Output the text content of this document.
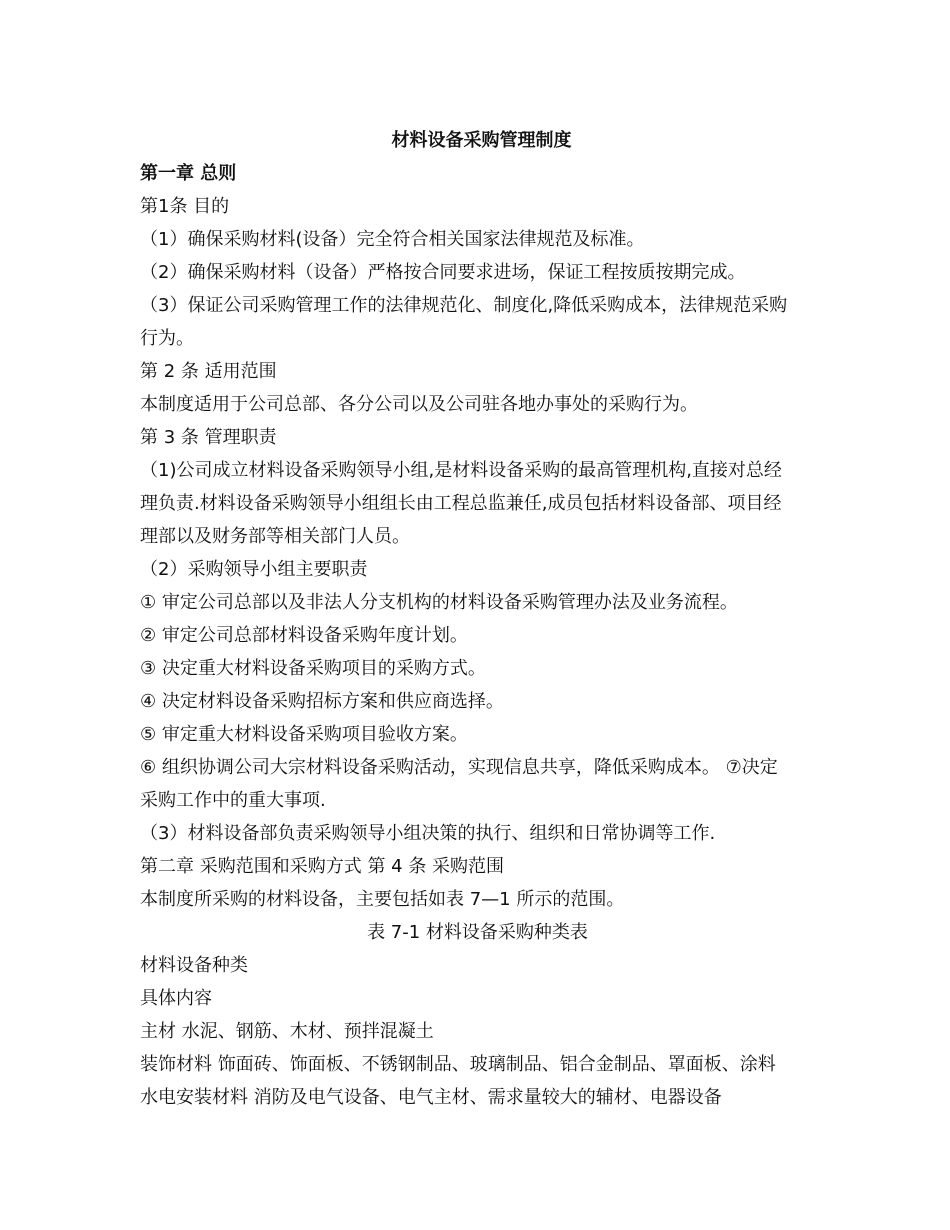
材料设备采购管理制度

第一章 总则

第1条 目的

（1）确保采购材料(设备）完全符合相关国家法律规范及标准。

（2）确保采购材料（设备）严格按合同要求进场，保证工程按质按期完成。

（3）保证公司采购管理工作的法律规范化、制度化,降低采购成本，法律规范采购

行为。

第 2 条 适用范围

本制度适用于公司总部、各分公司以及公司驻各地办事处的采购行为。

第 3 条 管理职责

（1)公司成立材料设备采购领导小组,是材料设备采购的最高管理机构,直接对总经

理负责.材料设备采购领导小组组长由工程总监兼任,成员包括材料设备部、项目经

理部以及财务部等相关部门人员。

（2）采购领导小组主要职责

① 审定公司总部以及非法人分支机构的材料设备采购管理办法及业务流程。

② 审定公司总部材料设备采购年度计划。

③ 决定重大材料设备采购项目的采购方式。

④ 决定材料设备采购招标方案和供应商选择。

⑤ 审定重大材料设备采购项目验收方案。

⑥ 组织协调公司大宗材料设备采购活动，实现信息共享，降低采购成本。 ⑦决定

采购工作中的重大事项.

（3）材料设备部负责采购领导小组决策的执行、组织和日常协调等工作.

第二章 采购范围和采购方式 第 4 条 采购范围

本制度所采购的材料设备，主要包括如表 7—1 所示的范围。

表 7-1 材料设备采购种类表

材料设备种类

具体内容

主材 水泥、钢筋、木材、预拌混凝土

装饰材料 饰面砖、饰面板、不锈钢制品、玻璃制品、铝合金制品、罩面板、涂料

水电安装材料 消防及电气设备、电气主材、需求量较大的辅材、电器设备
